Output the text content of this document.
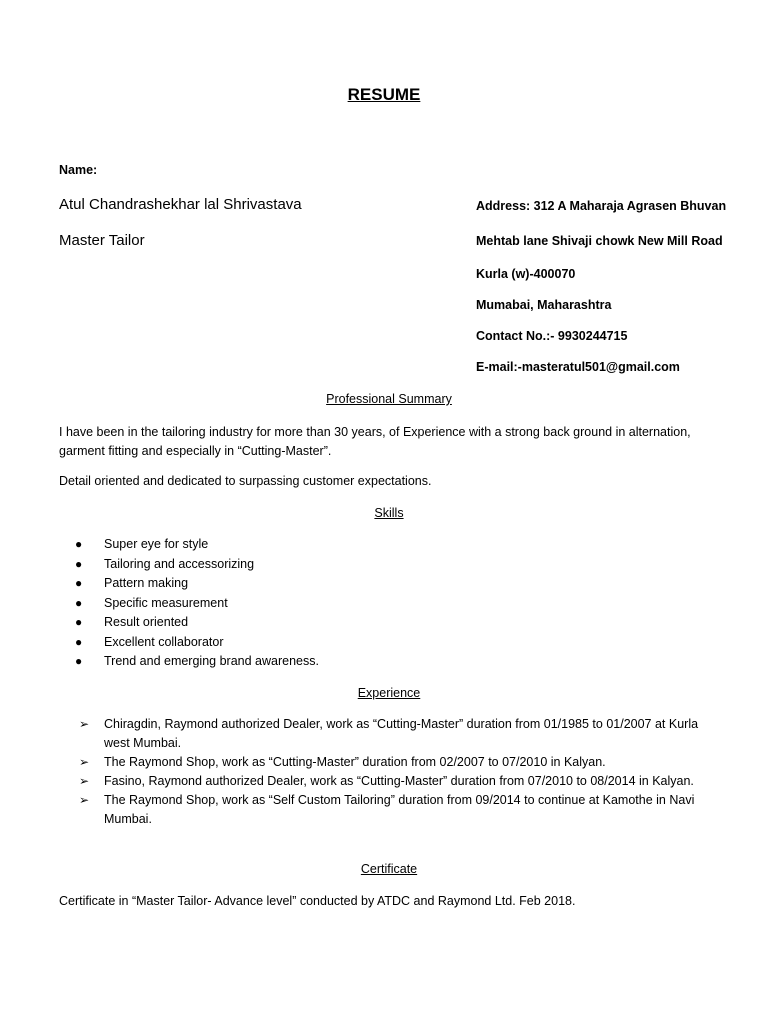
RESUME
Name:
Atul Chandrashekhar lal Shrivastava
Master Tailor
Address: 312 A Maharaja Agrasen Bhuvan
Mehtab lane Shivaji chowk New Mill Road
Kurla (w)-400070
Mumabai, Maharashtra
Contact No.:- 9930244715
E-mail:-masteratul501@gmail.com
Professional Summary
I have been in the tailoring industry for more than 30 years, of Experience with a strong back ground in alternation, garment fitting and especially in “Cutting-Master”.
Detail oriented and dedicated to surpassing customer expectations.
Skills
● Super eye for style
● Tailoring and accessorizing
● Pattern making
● Specific measurement
● Result oriented
● Excellent collaborator
● Trend and emerging brand awareness.
Experience
➢ Chiragdin, Raymond authorized Dealer, work as “Cutting-Master” duration from 01/1985 to 01/2007 at Kurla west Mumbai.
➢ The Raymond Shop, work as “Cutting-Master” duration from 02/2007 to 07/2010 in Kalyan.
➢ Fasino, Raymond authorized Dealer, work as “Cutting-Master” duration from 07/2010 to 08/2014 in Kalyan.
➢ The Raymond Shop, work as “Self Custom Tailoring” duration from 09/2014 to continue at Kamothe in Navi Mumbai.
Certificate
Certificate in “Master Tailor- Advance level” conducted by ATDC and Raymond Ltd. Feb 2018.
